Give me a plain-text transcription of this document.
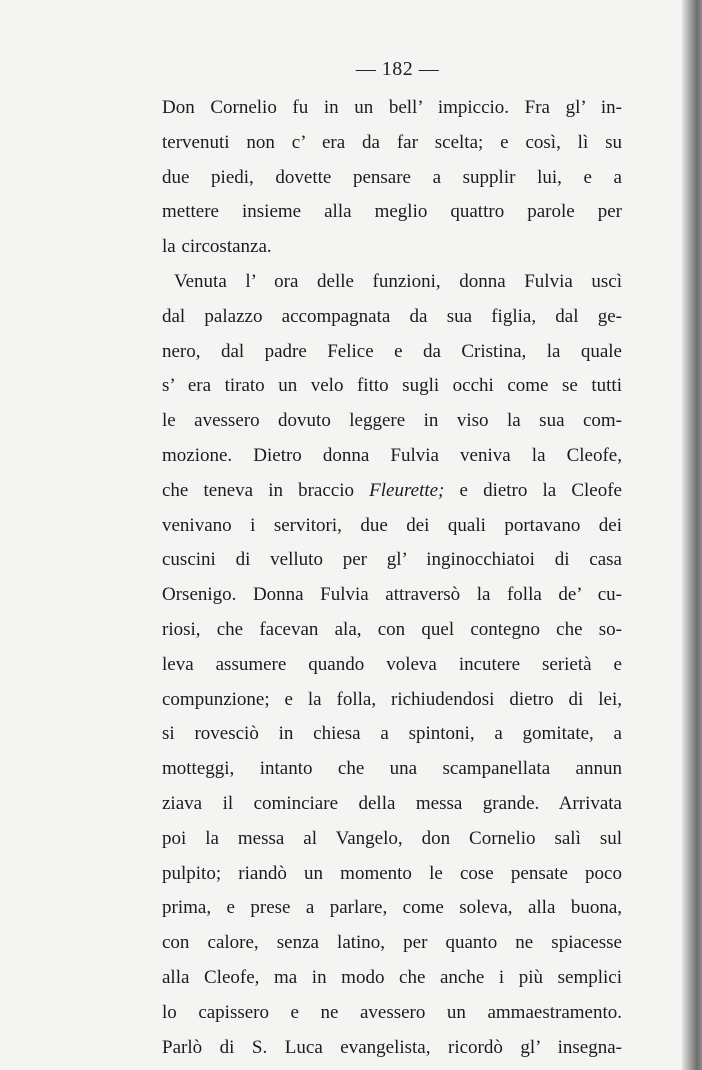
— 182 —
Don Cornelio fu in un bell’ impiccio. Fra gl’ in-
tervenuti non c’ era da far scelta; e così, lì su
due piedi, dovette pensare a supplir lui, e a
mettere insieme alla meglio quattro parole per
la circostanza.
Venuta l’ ora delle funzioni, donna Fulvia uscì
dal palazzo accompagnata da sua figlia, dal ge-
nero, dal padre Felice e da Cristina, la quale
s’ era tirato un velo fitto sugli occhi come se tutti
le avessero dovuto leggere in viso la sua com-
mozione. Dietro donna Fulvia veniva la Cleofe,
che teneva in braccio Fleurette; e dietro la Cleofe
venivano i servitori, due dei quali portavano dei
cuscini di velluto per gl’ inginocchiatoi di casa
Orsenigo. Donna Fulvia attraversò la folla de’ cu-
riosi, che facevan ala, con quel contegno che so-
leva assumere quando voleva incutere serietà e
compunzione; e la folla, richiudendosi dietro di lei,
si rovesciò in chiesa a spintoni, a gomitate, a
motteggi, intanto che una scampanellata annun
ziava il cominciare della messa grande. Arrivata
poi la messa al Vangelo, don Cornelio salì sul
pulpito; riandò un momento le cose pensate poco
prima, e prese a parlare, come soleva, alla buona,
con calore, senza latino, per quanto ne spiacesse
alla Cleofe, ma in modo che anche i più semplici
lo capissero e ne avessero un ammaestramento.
Parlò di S. Luca evangelista, ricordò gl’ insegna-
